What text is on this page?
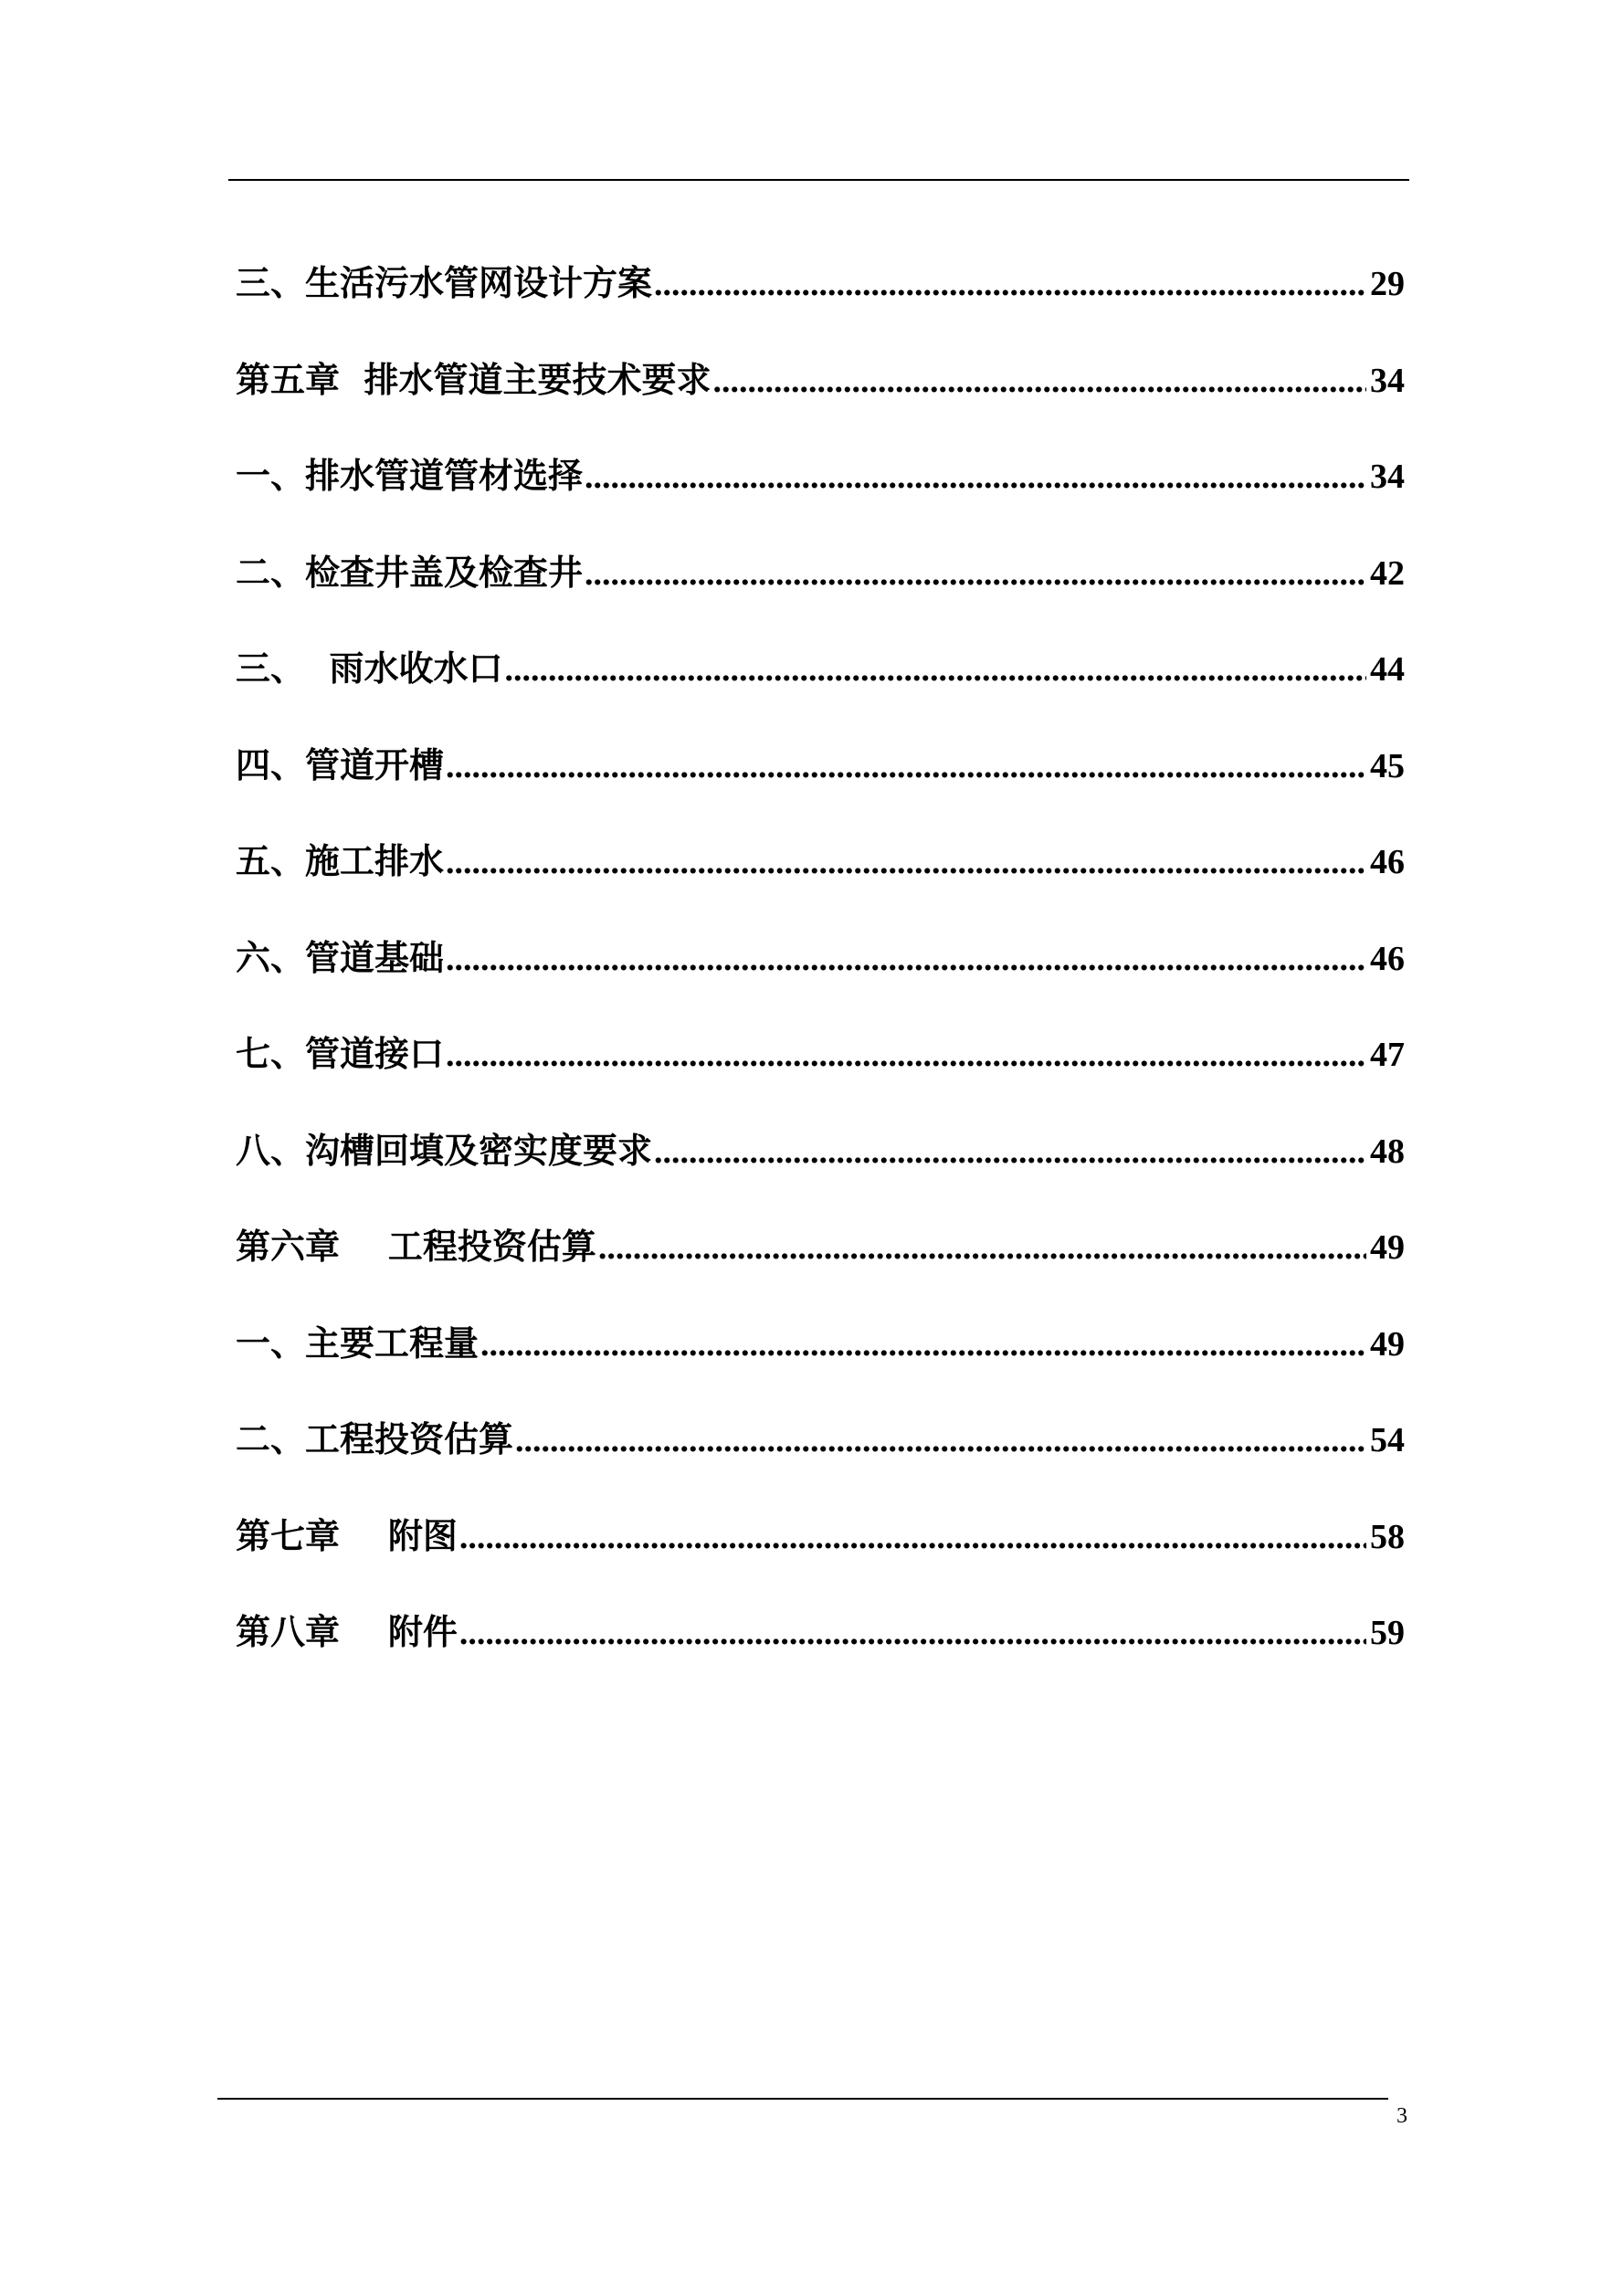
三、生活污水管网设计方案 .....	29
第五章  排水管道主要技术要求 .....	34
一、排水管道管材选择 .....	34
二、检查井盖及检查井 .....	42
三、  雨水收水口 .....	44
四、管道开槽 .....	45
五、施工排水 .....	46
六、管道基础 .....	46
七、管道接口 .....	47
八、沟槽回填及密实度要求 .....	48
第六章    工程投资估算 .....	49
一、主要工程量 .....	49
二、工程投资估算 .....	54
第七章    附图 .....	58
第八章    附件 .....	59
3
